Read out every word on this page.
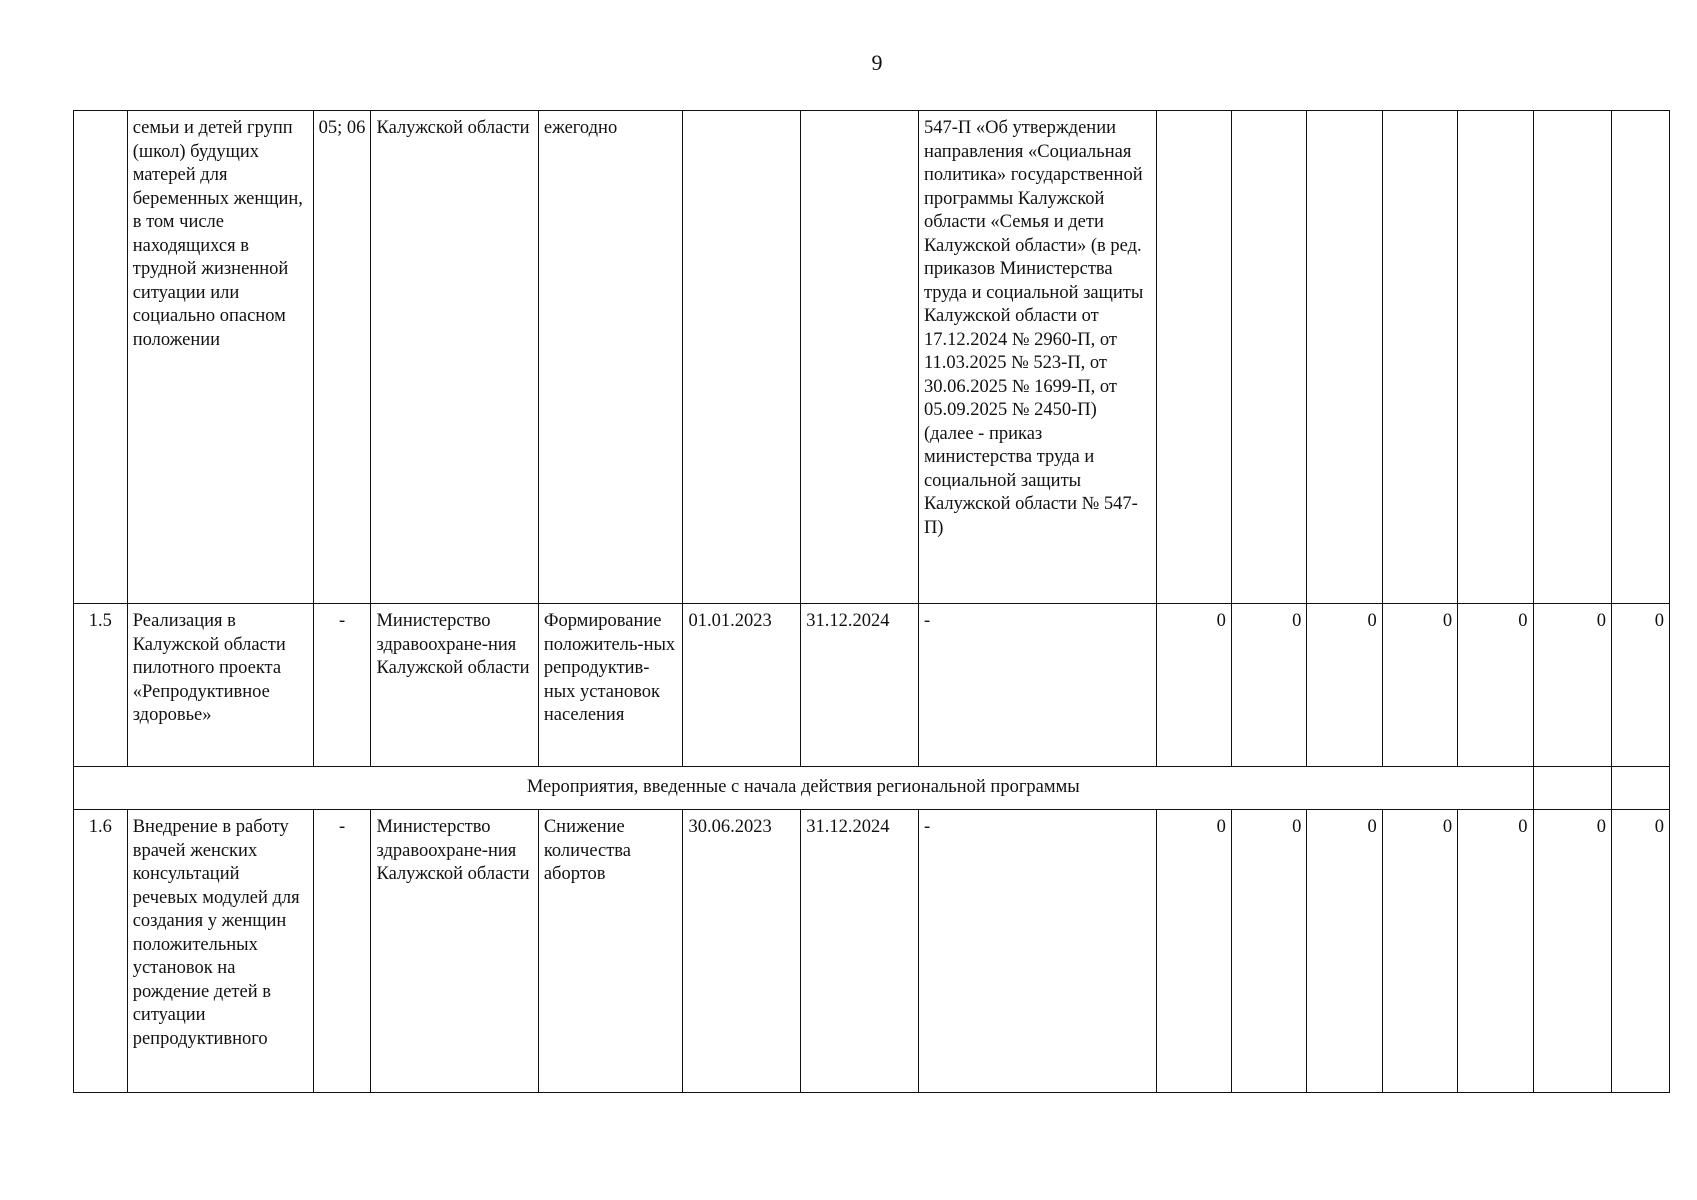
9
	семьи и детей групп (школ) будущих матерей для беременных женщин, в том числе находящихся в трудной жизненной ситуации или социально опасном положении	05; 06	Калужской области	ежегодно			547-П «Об утверждении направления «Социальная политика» государственной программы Калужской области «Семья и дети Калужской области» (в ред. приказов Министерства труда и социальной защиты Калужской области от 17.12.2024 № 2960-П, от 11.03.2025 № 523-П, от 30.06.2025 № 1699-П, от 05.09.2025 № 2450-П) (далее - приказ министерства труда и социальной защиты Калужской области № 547-П)							
1.5	Реализация в Калужской области пилотного проекта «Репродуктивное здоровье»	-	Министерство здравоохране-ния Калужской области	Формирование положитель-ных репродуктив-ных установок населения	01.01.2023	31.12.2024	-	0	0	0	0	0	0	0
Мероприятия, введенные с начала действия региональной программы														
1.6	Внедрение в работу врачей женских консультаций речевых модулей для создания у женщин положительных установок на рождение детей в ситуации репродуктивного	-	Министерство здравоохране-ния Калужской области	Снижение количества абортов	30.06.2023	31.12.2024	-	0	0	0	0	0	0	0
